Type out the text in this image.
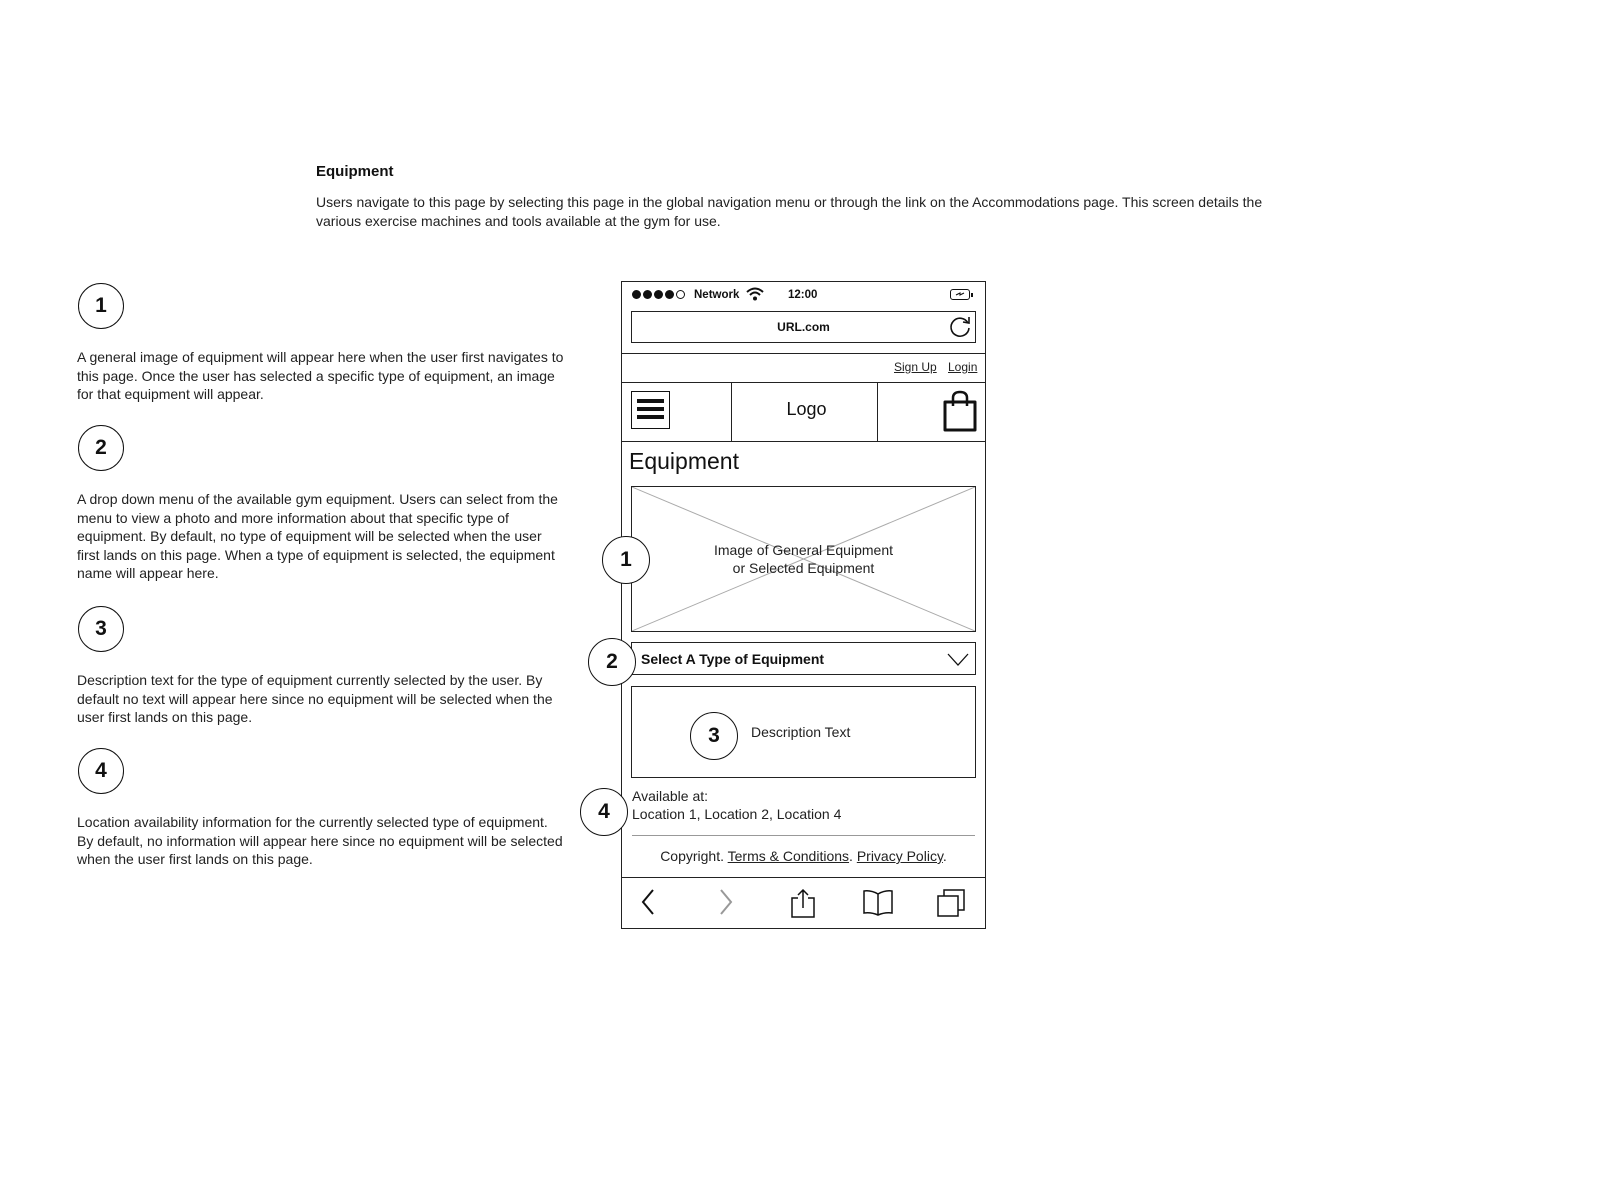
Equipment
Users navigate to this page by selecting this page in the global navigation menu or through the link on the Accommodations page. This screen details the various exercise machines and tools available at the gym for use.
1
A general image of equipment will appear here when the user first navigates to this page. Once the user has selected a specific type of equipment, an image for that equipment will appear.
2
A drop down menu of the available gym equipment. Users can select from the menu to view a photo and more information about that specific type of equipment. By default, no type of equipment will be selected when the user first lands on this page. When a type of equipment is selected, the equipment name will appear here.
3
Description text for the type of equipment currently selected by the user. By default no text will appear here since no equipment will be selected when the user first lands on this page.
4
Location availability information for the currently selected type of equipment. By default, no information will appear here since no equipment will be selected when the user first lands on this page.
Network	12:00
URL.com
Sign Up Login
Logo
Equipment
Image of General Equipment
or Selected Equipment
Select A Type of Equipment
Description Text
Available at:
Location 1, Location 2, Location 4
Copyright. Terms & Conditions. Privacy Policy.
1
2
3
4
